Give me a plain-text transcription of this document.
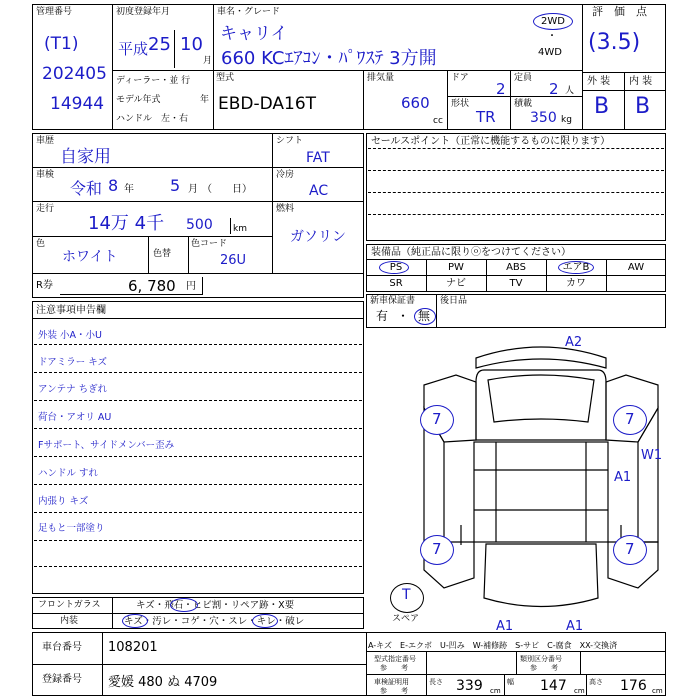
管理番号
(T1)
202405
14944
初度登録年月
平成 25 10
月
ディーラー・並 行
モデル年式	年
ハンドル　左・右
車名・グレード
キャリイ
660 KCｴｱｺﾝ・ﾊﾟﾜｽﾃ 3方開
2WD
・
4WD
型式
EBD-DA16T
排気量
660
cc
ドア
2
定員
2 人
形状
TR
積載
350 kg
評　価　点
(3.5)
外 装 内 装
B B
車歴
自家用
車検
令和 8 年 5 月 （　　日）
走行
14万 4千 500 km
色
ホワイト	色替
色コード
26U
シフト
FAT
冷房
AC
燃料
ガソリン
R券	6, 780 円
セールスポイント（正常に機能するものに限ります）
装備品（純正品に限りⓞをつけてください）
PS	PW	ABS	エアB	AW
SR	ナビ	TV	カワ
新車保証書
有 ・ 無
後日品
注意事項申告欄
外装 小A・小U
ドアミラー キズ
アンテナ ちぎれ
荷台・アオリ AU
Fサポート、サイドメンバー歪み
ハンドル すれ
内張り キズ
足もと一部塗り
フロントガラス	キズ・飛石・ヒビ割・リペア跡・X要
内装	キズ・汚レ・コゲ・穴・スレ・キレ・破レ
A2
7	7
W1
A1
7	7
A1	A1
T
スペア
車台番号 108201
登録番号 愛媛 480 ぬ 4709
A-キズ　E-エクボ　U-凹み　W-補修跡　S-サビ　C-腐食　XX-交換済
型式指定番号
参　　考
類別区分番号
参　　考
車検証明用
参　　考
長さ 339 cm
幅 147 cm
高さ 176 cm
